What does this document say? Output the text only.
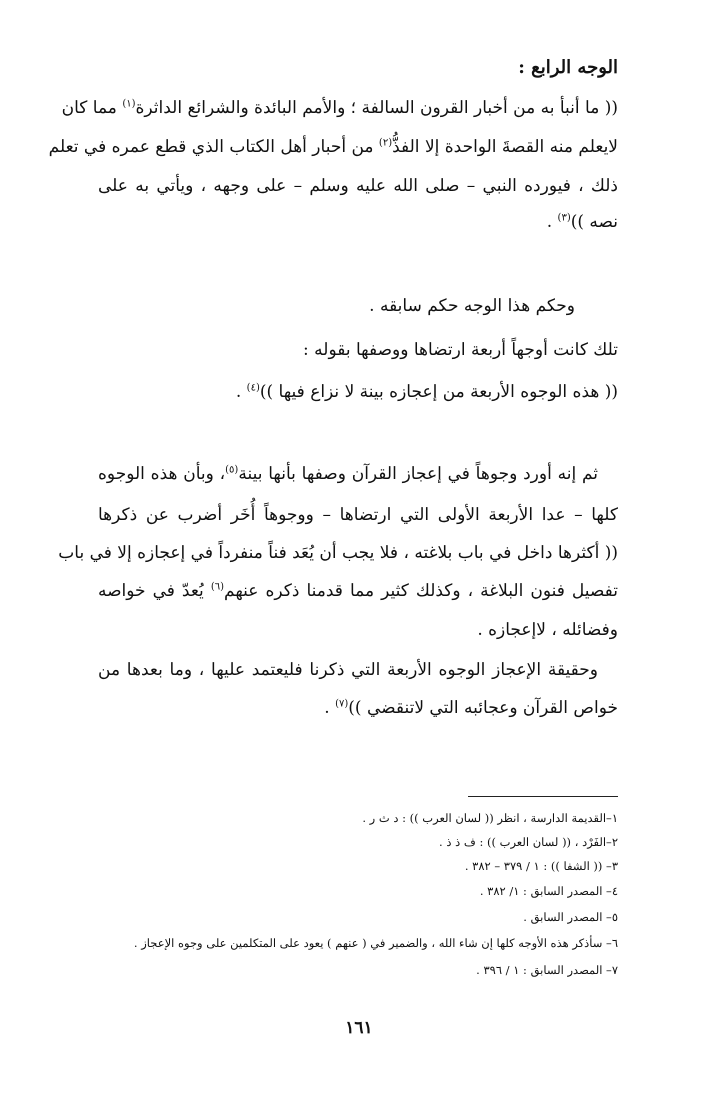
الوجه الرابع :
(( ما أنبأ به من أخبار القرون السالفة ؛ والأمم البائدة والشرائع الداثرة$^{(١)}$ مما كان
لايعلم منه القصةَ الواحدة إلا الفذُّ$^{(٢)}$ من أحبار أهل الكتاب الذي قطع عمره في تعلم
ذلك ، فيورده النبي – صلى الله عليه وسلم – على وجهه ، ويأتي به على
نصه ))$^{(٣)}$ .
وحكم هذا الوجه حكم سابقه .
تلك كانت أوجهاً أربعة ارتضاها ووصفها بقوله :
(( هذه الوجوه الأربعة من إعجازه بينة لا نزاع فيها ))$^{(٤)}$ .
ثم إنه أورد وجوهاً في إعجاز القرآن وصفها بأنها بينة$^{(٥)}$، وبأن هذه الوجوه
كلها – عدا الأربعة الأولى التي ارتضاها – ووجوهاً أُخَر أضرب عن ذكرها
(( أكثرها داخل في باب بلاغته ، فلا يجب أن يُعَد فناً منفرداً في إعجازه إلا في باب
تفصيل فنون البلاغة ، وكذلك كثير مما قدمنا ذكره عنهم$^{(٦)}$ يُعدّ في خواصه
وفضائله ، لاإعجازه .
وحقيقة الإعجاز الوجوه الأربعة التي ذكرنا فليعتمد عليها ، وما بعدها من
خواص القرآن وعجائبه التي لاتنقضي ))$^{(٧)}$ .
١–القديمة الدارسة ، انظر (( لسان العرب )) : د ث ر .
٢–الفَرْد ، (( لسان العرب )) : ف ذ ذ .
٣– (( الشفا )) : ١ / ٣٧٩ – ٣٨٢ .
٤– المصدر السابق : ١/ ٣٨٢ .
٥– المصدر السابق .
٦– سأذكر هذه الأوجه كلها إن شاء الله ، والضمير في ( عنهم ) يعود على المتكلمين على وجوه الإعجاز .
٧– المصدر السابق : ١ / ٣٩٦ .
١٦١
